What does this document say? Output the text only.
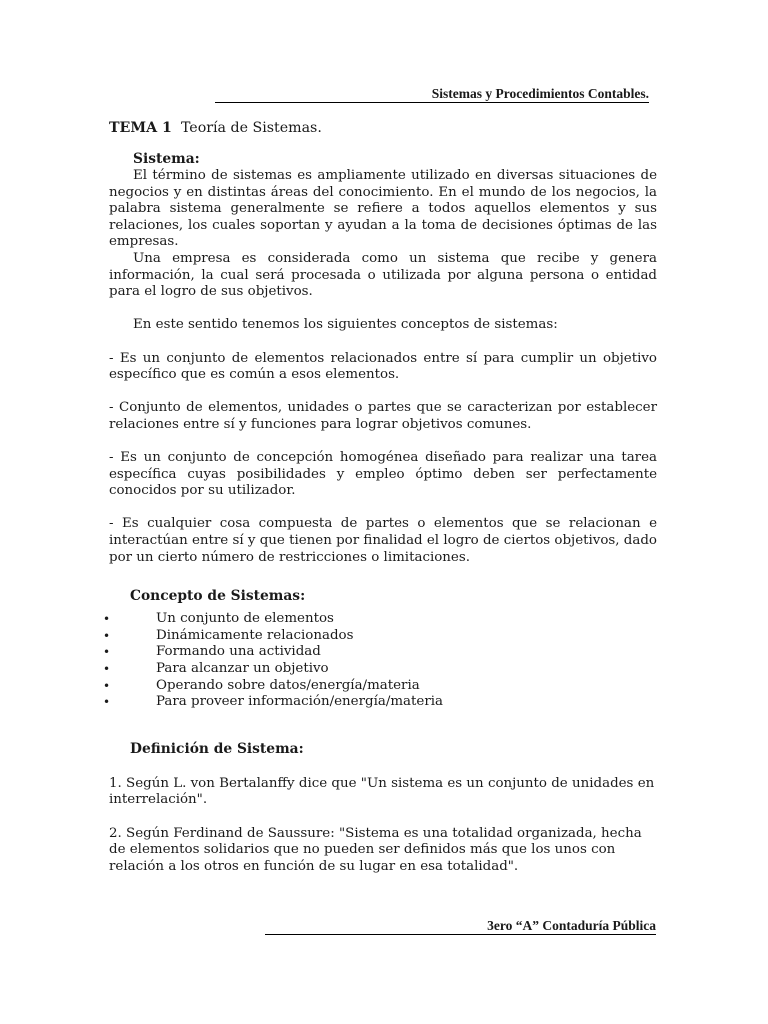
Sistemas y Procedimientos Contables.

TEMA 1 Teoría de Sistemas.

Sistema:

El término de sistemas es ampliamente utilizado en diversas situaciones de negocios y en distintas áreas del conocimiento. En el mundo de los negocios, la palabra sistema generalmente se refiere a todos aquellos elementos y sus relaciones, los cuales soportan y ayudan a la toma de decisiones óptimas de las empresas.

Una empresa es considerada como un sistema que recibe y genera información, la cual será procesada o utilizada por alguna persona o entidad para el logro de sus objetivos.

En este sentido tenemos los siguientes conceptos de sistemas:

- Es un conjunto de elementos relacionados entre sí para cumplir un objetivo específico que es común a esos elementos.

- Conjunto de elementos, unidades o partes que se caracterizan por establecer relaciones entre sí y funciones para lograr objetivos comunes.

- Es un conjunto de concepción homogénea diseñado para realizar una tarea específica cuyas posibilidades y empleo óptimo deben ser perfectamente conocidos por su utilizador.

- Es cualquier cosa compuesta de partes o elementos que se relacionan e interactúan entre sí y que tienen por finalidad el logro de ciertos objetivos, dado por un cierto número de restricciones o limitaciones.

Concepto de Sistemas:

•	Un conjunto de elementos
•	Dinámicamente relacionados
•	Formando una actividad
•	Para alcanzar un objetivo
•	Operando sobre datos/energía/materia
•	Para proveer información/energía/materia

Definición de Sistema:

1. Según L. von Bertalanffy dice que "Un sistema es un conjunto de unidades en interrelación".

2. Según Ferdinand de Saussure: "Sistema es una totalidad organizada, hecha de elementos solidarios que no pueden ser definidos más que los unos con relación a los otros en función de su lugar en esa totalidad".

3ero “A” Contaduría Pública
